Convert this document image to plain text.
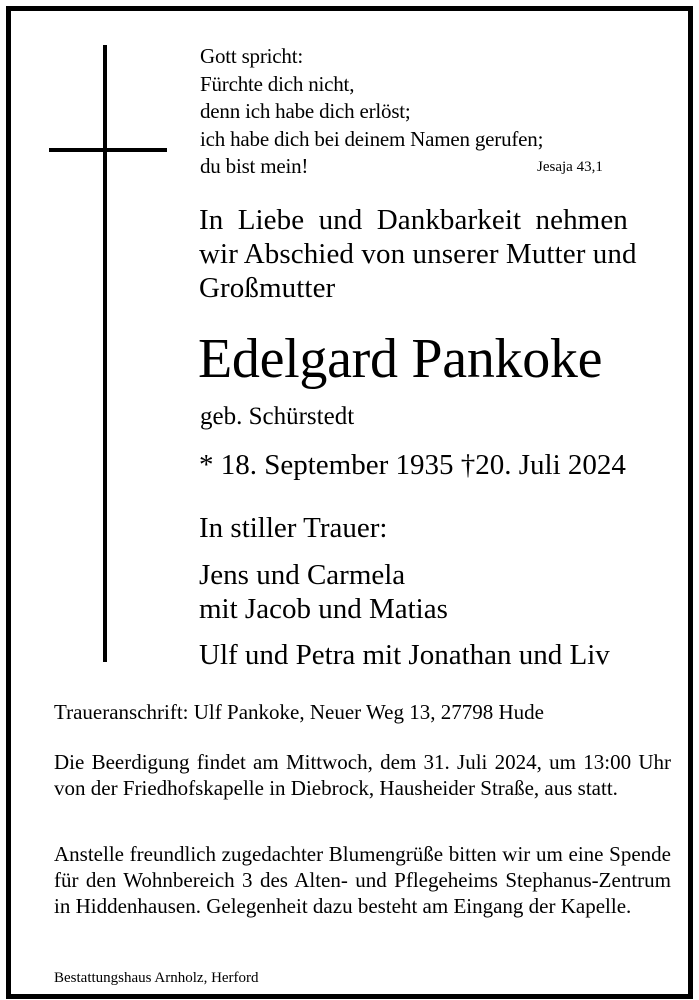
Gott spricht:
Fürchte dich nicht,
denn ich habe dich erlöst;
ich habe dich bei deinem Namen gerufen;
du bist mein!	Jesaja 43,1
In Liebe und Dankbarkeit nehmen
wir Abschied von unserer Mutter und
Großmutter
Edelgard Pankoke
geb. Schürstedt
* 18. September 1935 †20. Juli 2024
In stiller Trauer:
Jens und Carmela
mit Jacob und Matias
Ulf und Petra mit Jonathan und Liv
Traueranschrift: Ulf Pankoke, Neuer Weg 13, 27798 Hude
Die Beerdigung findet am Mittwoch, dem 31. Juli 2024, um 13:00 Uhr von der Friedhofskapelle in Diebrock, Hausheider Straße, aus statt.
Anstelle freundlich zugedachter Blumengrüße bitten wir um eine Spende für den Wohnbereich 3 des Alten- und Pflegeheims Stephanus-Zentrum in Hiddenhausen. Gelegenheit dazu besteht am Eingang der Kapelle.
Bestattungshaus Arnholz, Herford
